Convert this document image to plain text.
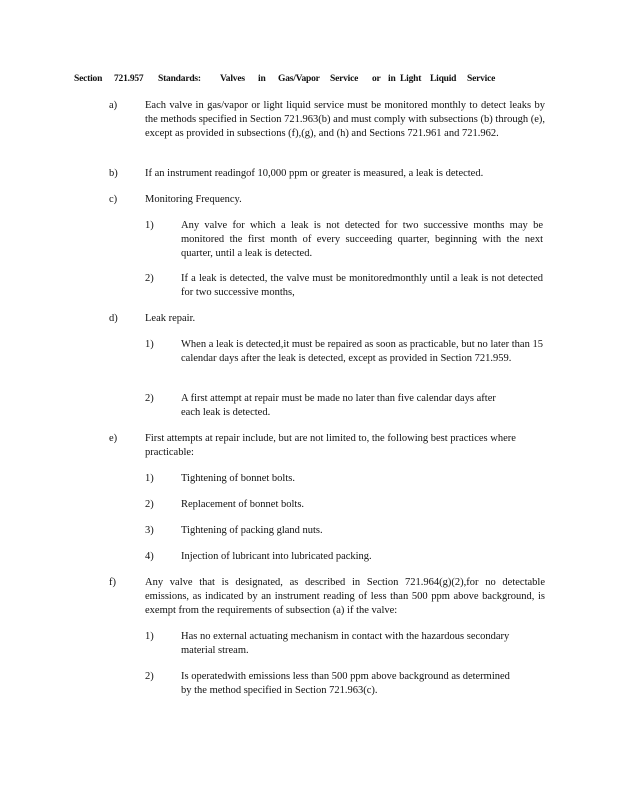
Section 721.957 Standards: Valves in Gas/Vapor Service or in Light Liquid Service
a)	Each valve in gas/vapor or light liquid service must be monitored monthly to detect leaks by the methods specified in Section 721.963(b) and must comply with subsections (b) through (e), except as provided in subsections (f),(g), and (h) and Sections 721.961 and 721.962.
b)	If an instrument readingof 10,000 ppm or greater is measured, a leak is detected.
c)	Monitoring Frequency.
1)	Any valve for which a leak is not detected for two successive months may be monitored the first month of every succeeding quarter, beginning with the next quarter, until a leak is detected.
2)	If a leak is detected, the valve must be monitoredmonthly until a leak is not detected for two successive months,
d)	Leak repair.
1)	When a leak is detected,it must be repaired as soon as practicable, but no later than 15 calendar days after the leak is detected, except as provided in Section 721.959.
2)	A first attempt at repair must be made no later than five calendar days after each leak is detected.
e)	First attempts at repair include, but are not limited to, the following best practices where practicable:
1)	Tightening of bonnet bolts.
2)	Replacement of bonnet bolts.
3)	Tightening of packing gland nuts.
4)	Injection of lubricant into lubricated packing.
f)	Any valve that is designated, as described in Section 721.964(g)(2),for no detectable emissions, as indicated by an instrument reading of less than 500 ppm above background, is exempt from the requirements of subsection (a) if the valve:
1)	Has no external actuating mechanism in contact with the hazardous secondary material stream.
2)	Is operatedwith emissions less than 500 ppm above background as determined by the method specified in Section 721.963(c).
